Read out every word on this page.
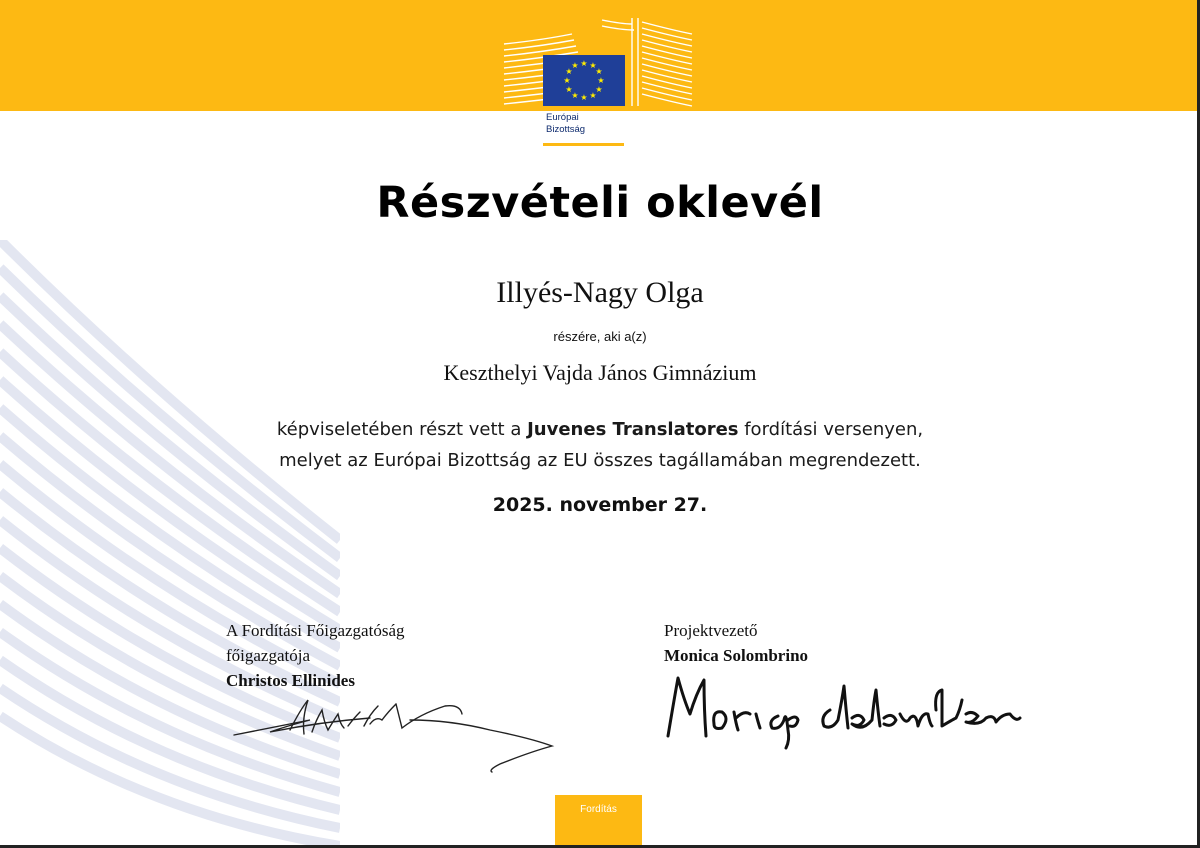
★ ★
★
★
★
★
★
★
★
★
★
★
Európai
Bizottság
Részvételi oklevél
Illyés-Nagy Olga
részére, aki a(z)
Keszthelyi Vajda János Gimnázium
képviseletében részt vett a Juvenes Translatores fordítási versenyen,
melyet az Európai Bizottság az EU összes tagállamában megrendezett.
2025. november 27.
A Fordítási Főigazgatóság
főigazgatója
Christos Ellinides
Projektvezető
Monica Solombrino
Fordítás
